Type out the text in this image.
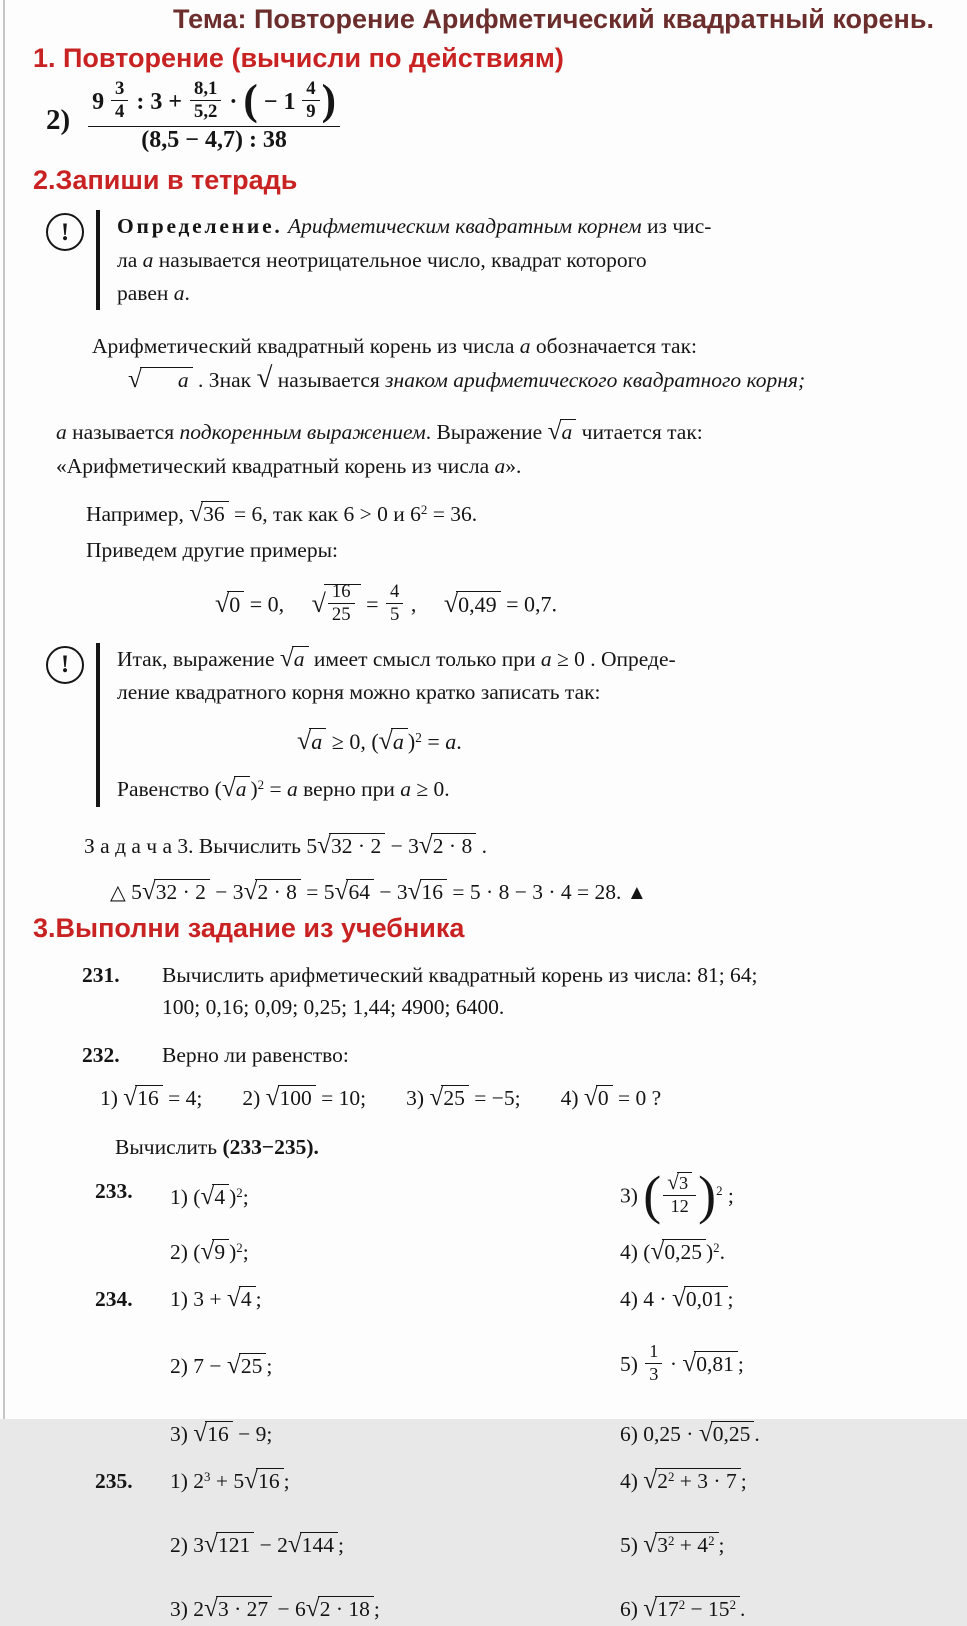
Тема: Повторение Арифметический квадратный корень.
1. Повторение (вычисли по действиям)
$2) \frac{9 \frac{3}{4} : 3 + \frac{8,1}{5,2} \cdot ( - 1 \frac{4}{9} )}{(8,5 - 4,7) : 38}$
2.Запиши в тетрадь
!	Определение. Арифметическим квадратным корнем из чис-
ла a называется неотрицательное число, квадрат которого
равен a.

Арифметический квадратный корень из числа a обозначается так:
√ a . Знак √ называется знаком арифметического квадратного корня;

a называется подкоренным выражением. Выражение √a читается так:
«Арифметический квадратный корень из числа a».

Например, √36 = 6, так как 6 > 0 и $6^2 = 36$.

Приведем другие примеры:

√0 = 0,  √ $\frac{16}{25} = \frac{4}{5}$ ,  √0,49 = 0,7.
!	Итак, выражение √a имеет смысл только при a ≥ 0 . Опреде-
ление квадратного корня можно кратко записать так:

√a ≥ 0, (√a )$^2$ = a.

Равенство (√a )$^2$ = a верно при a ≥ 0.

З а д а ч а 3. Вычислить 5√32 · 2 − 3√2 · 8 .

△ 5√32 · 2 − 3√2 · 8 = 5√64 − 3√16 = 5 · 8 − 3 · 4 = 28. ▲

3.Выполни задание из учебника
231.	Вычислить арифметический квадратный корень из числа: 81; 64;
100; 0,16; 0,09; 0,25; 1,44; 4900; 6400.
232.	Верно ли равенство:
1) √16 = 4; 2) √100 = 10; 3) √25 = −5; 4) √0 = 0 ?
Вычислить (233−235).
233.	1) (√4 )$^2$;	3) ( $\frac{√3}{12} )^2$ ;
2) (√9 )$^2$;	4) (√0,25 )$^2$.
234.	1) 3 + √4 ;	4) 4 · √0,01 ;
2) 7 − √25 ;	$5) \frac{1}{3} \cdot √0,81$ ;
3) √16 − 9;	6) 0,25 · √0,25 .
235.	1) $2^3 + 5√16$ ;	4) $√2^2 + 3 \cdot 7$ ;
2) 3√121 − 2√144 ;	5) $√3^2 + 4^2$ ;
3) 2√3 · 27 − 6√2 · 18 ;	6) $√17^2 - 15^2$ .
